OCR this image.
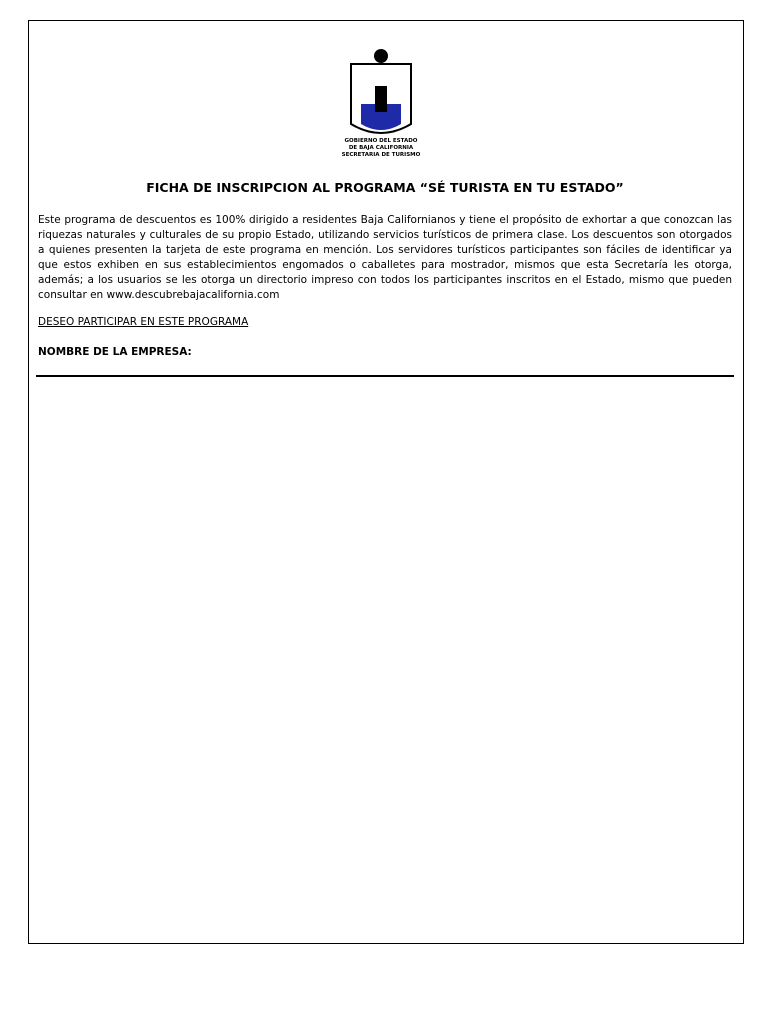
GOBIERNO DEL ESTADO
DE BAJA CALIFORNIA
SECRETARIA DE TURISMO
FICHA DE INSCRIPCION AL PROGRAMA “SÉ TURISTA EN TU ESTADO”
Este programa de descuentos es 100% dirigido a residentes Baja Californianos y tiene el propósito de exhortar a que conozcan las riquezas naturales y culturales de su propio Estado, utilizando servicios turísticos de primera clase. Los descuentos son otorgados a quienes presenten la tarjeta de este programa en mención. Los servidores turísticos participantes son fáciles de identificar ya que estos exhiben en sus establecimientos engomados o caballetes para mostrador, mismos que esta Secretaría les otorga, además; a los usuarios se les otorga un directorio impreso con todos los participantes inscritos en el Estado, mismo que pueden consultar en www.descubrebajacalifornia.com
DESEO PARTICIPAR EN ESTE PROGRAMA
NOMBRE DE LA EMPRESA:
